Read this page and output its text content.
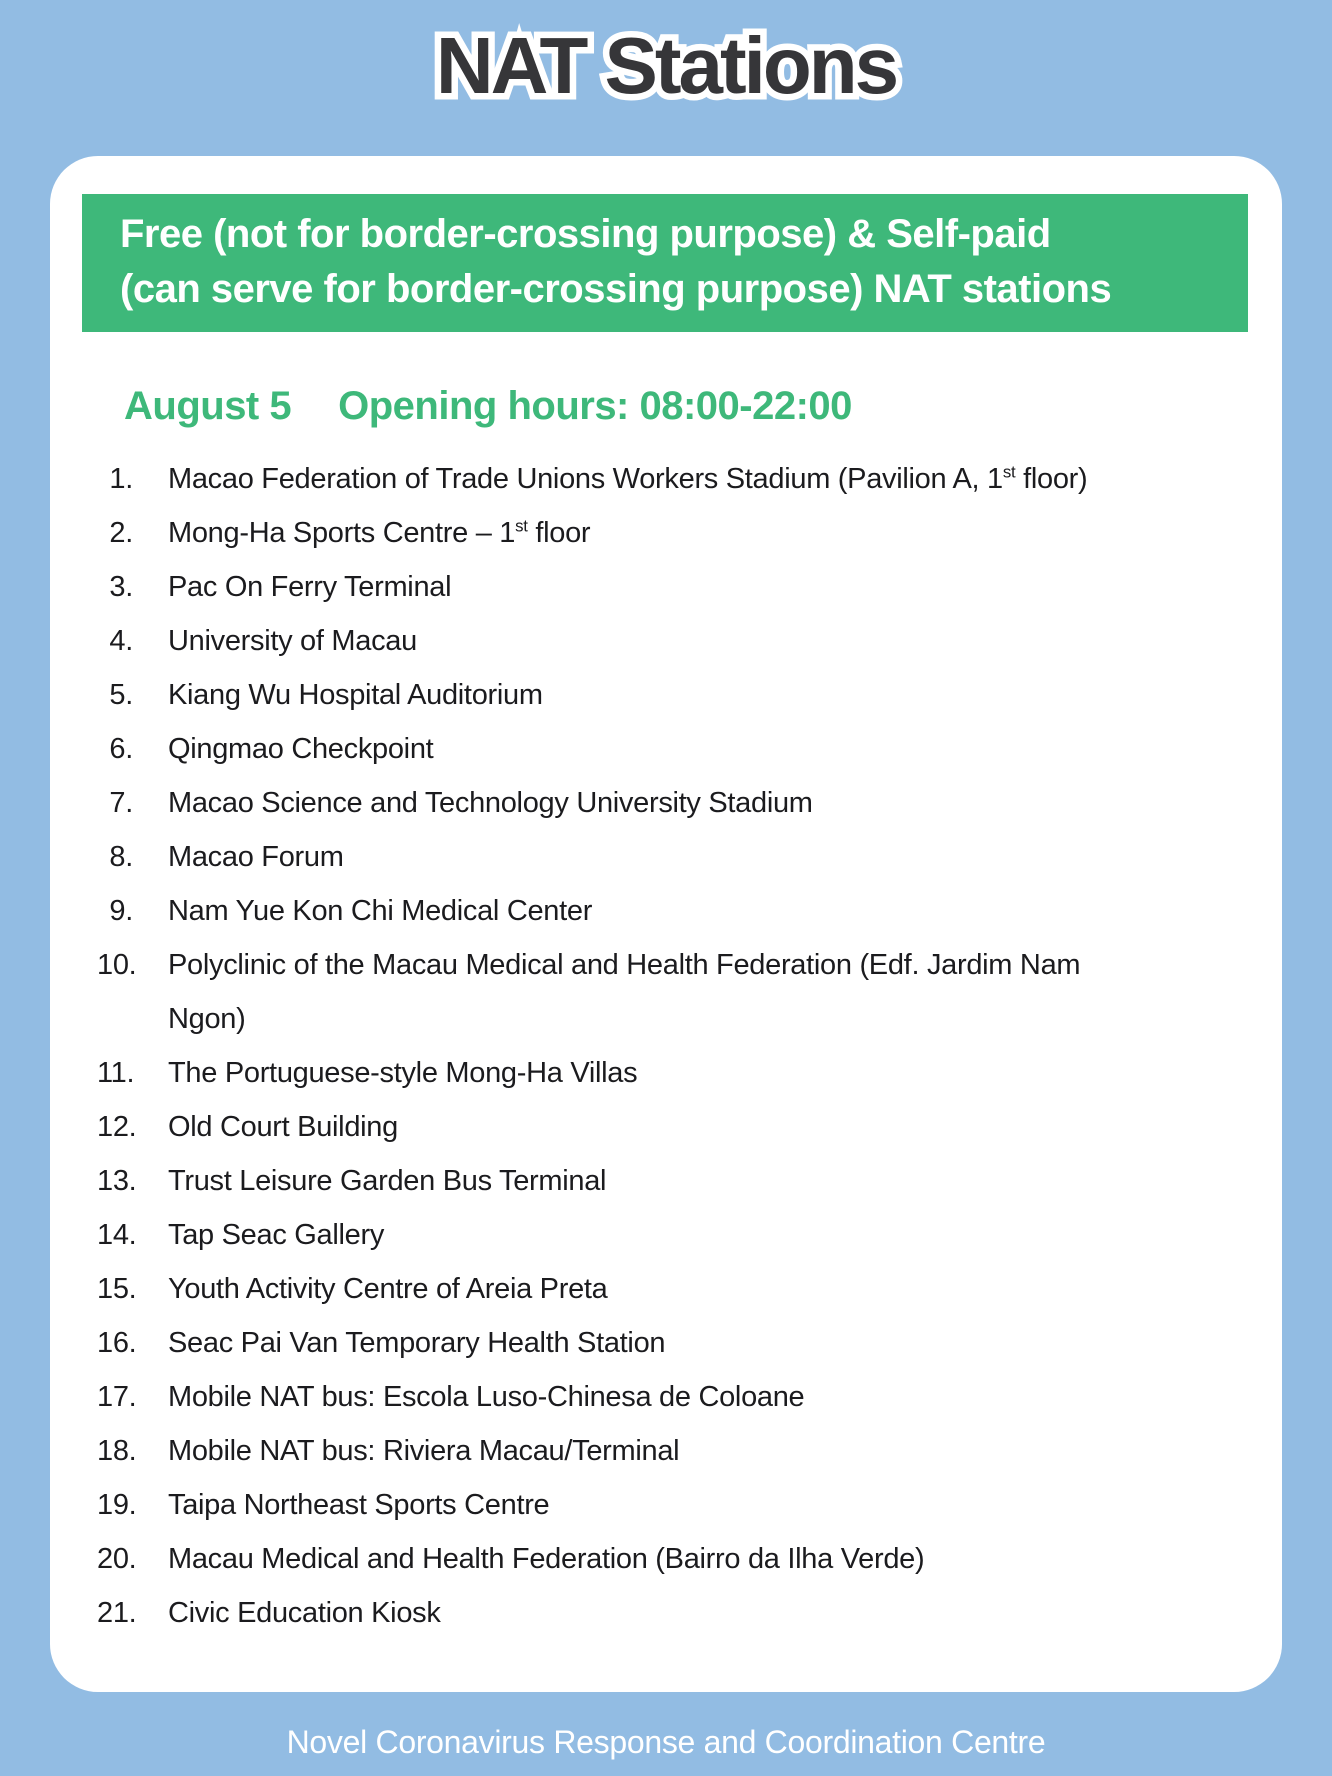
NAT Stations NAT Stations
Free (not for border-crossing purpose) & Self-paid
(can serve for border-crossing purpose) NAT stations
August 5 Opening hours: 08:00-22:00
1. Macao Federation of Trade Unions Workers Stadium (Pavilion A, 1st floor)
2. Mong-Ha Sports Centre – 1st floor
3. Pac On Ferry Terminal
4. University of Macau
5. Kiang Wu Hospital Auditorium
6. Qingmao Checkpoint
7. Macao Science and Technology University Stadium
8. Macao Forum
9. Nam Yue Kon Chi Medical Center
10. Polyclinic of the Macau Medical and Health Federation (Edf. Jardim Nam
Ngon)
11. The Portuguese-style Mong-Ha Villas
12. Old Court Building
13. Trust Leisure Garden Bus Terminal
14. Tap Seac Gallery
15. Youth Activity Centre of Areia Preta
16. Seac Pai Van Temporary Health Station
17. Mobile NAT bus: Escola Luso-Chinesa de Coloane
18. Mobile NAT bus: Riviera Macau/Terminal
19. Taipa Northeast Sports Centre
20. Macau Medical and Health Federation (Bairro da Ilha Verde)
21. Civic Education Kiosk
Novel Coronavirus Response and Coordination Centre
